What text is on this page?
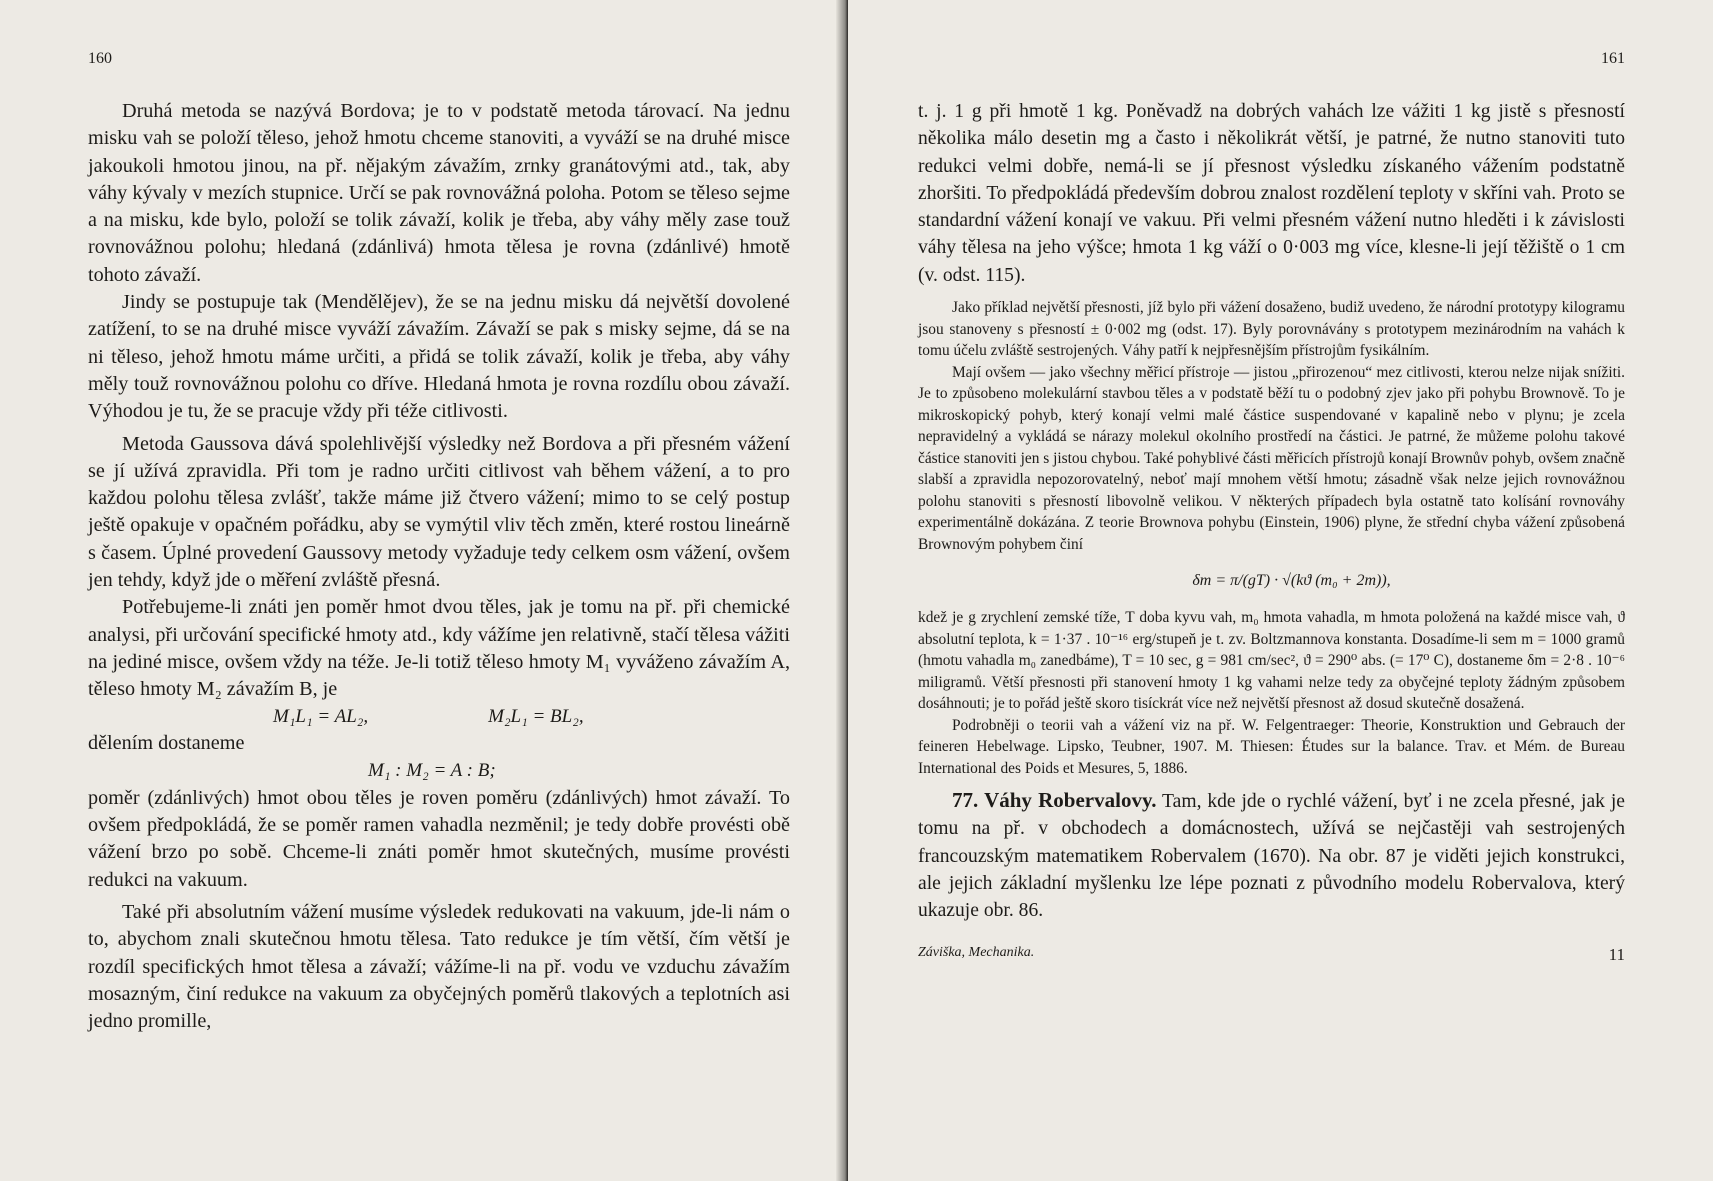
160

Druhá metoda se nazývá Bordova; je to v podstatě metoda tárovací. Na jednu misku vah se položí těleso, jehož hmotu chceme stanoviti, a vyváží se na druhé misce jakoukoli hmotou jinou, na př. nějakým závažím, zrnky granátovými atd., tak, aby váhy kývaly v mezích stupnice. Určí se pak rovnovážná poloha. Potom se těleso sejme a na misku, kde bylo, položí se tolik závaží, kolik je třeba, aby váhy měly zase touž rovnovážnou polohu; hledaná (zdánlivá) hmota tělesa je rovna (zdánlivé) hmotě tohoto závaží.

Jindy se postupuje tak (Mendělějev), že se na jednu misku dá největší dovolené zatížení, to se na druhé misce vyváží závažím. Závaží se pak s misky sejme, dá se na ni těleso, jehož hmotu máme určiti, a přidá se tolik závaží, kolik je třeba, aby váhy měly touž rovnovážnou polohu co dříve. Hledaná hmota je rovna rozdílu obou závaží. Výhodou je tu, že se pracuje vždy při téže citlivosti.

Metoda Gaussova dává spolehlivější výsledky než Bordova a při přesném vážení se jí užívá zpravidla. Při tom je radno určiti citlivost vah během vážení, a to pro každou polohu tělesa zvlášť, takže máme již čtvero vážení; mimo to se celý postup ještě opakuje v opačném pořádku, aby se vymýtil vliv těch změn, které rostou lineárně s časem. Úplné provedení Gaussovy metody vyžaduje tedy celkem osm vážení, ovšem jen tehdy, když jde o měření zvláště přesná.

Potřebujeme-li znáti jen poměr hmot dvou těles, jak je tomu na př. při chemické analysi, při určování specifické hmoty atd., kdy vážíme jen relativně, stačí tělesa vážiti na jediné misce, ovšem vždy na téže. Je-li totiž těleso hmoty M₁ vyváženo závažím A, těleso hmoty M₂ závažím B, je

M₁L₁ = AL₂,	M₂L₁ = BL₂,

dělením dostaneme

M₁ : M₂ = A : B;

poměr (zdánlivých) hmot obou těles je roven poměru (zdánlivých) hmot závaží. To ovšem předpokládá, že se poměr ramen vahadla nezměnil; je tedy dobře provésti obě vážení brzo po sobě. Chceme-li znáti poměr hmot skutečných, musíme provésti redukci na vakuum.

Také při absolutním vážení musíme výsledek redukovati na vakuum, jde-li nám o to, abychom znali skutečnou hmotu tělesa. Tato redukce je tím větší, čím větší je rozdíl specifických hmot tělesa a závaží; vážíme-li na př. vodu ve vzduchu závažím mosazným, činí redukce na vakuum za obyčejných poměrů tlakových a teplotních asi jedno promille,

161

t. j. 1 g při hmotě 1 kg. Poněvadž na dobrých vahách lze vážiti 1 kg jistě s přesností několika málo desetin mg a často i několikrát větší, je patrné, že nutno stanoviti tuto redukci velmi dobře, nemá-li se jí přesnost výsledku získaného vážením podstatně zhoršiti. To předpokládá především dobrou znalost rozdělení teploty v skříni vah. Proto se standardní vážení konají ve vakuu. Při velmi přesném vážení nutno hleděti i k závislosti váhy tělesa na jeho výšce; hmota 1 kg váží o 0·003 mg více, klesne-li její těžiště o 1 cm (v. odst. 115).

Jako příklad největší přesnosti, jíž bylo při vážení dosaženo, budiž uvedeno, že národní prototypy kilogramu jsou stanoveny s přesností ± 0·002 mg (odst. 17). Byly porovnávány s prototypem mezinárodním na vahách k tomu účelu zvláště sestrojených. Váhy patří k nejpřesnějším přístrojům fysikálním.

Mají ovšem — jako všechny měřicí přístroje — jistou „přirozenou“ mez citlivosti, kterou nelze nijak snížiti. Je to způsobeno molekulární stavbou těles a v podstatě běží tu o podobný zjev jako při pohybu Brownově. To je mikroskopický pohyb, který konají velmi malé částice suspendované v kapalině nebo v plynu; je zcela nepravidelný a vykládá se nárazy molekul okolního prostředí na částici. Je patrné, že můžeme polohu takové částice stanoviti jen s jistou chybou. Také pohyblivé části měřicích přístrojů konají Brownův pohyb, ovšem značně slabší a zpravidla nepozorovatelný, neboť mají mnohem větší hmotu; zásadně však nelze jejich rovnovážnou polohu stanoviti s přesností libovolně velikou. V některých případech byla ostatně tato kolísání rovnováhy experimentálně dokázána. Z teorie Brownova pohybu (Einstein, 1906) plyne, že střední chyba vážení způsobená Brownovým pohybem činí

δm = π/(gT) · √(kϑ (m₀ + 2m)),

kdež je g zrychlení zemské tíže, T doba kyvu vah, m₀ hmota vahadla, m hmota položená na každé misce vah, ϑ absolutní teplota, k = 1·37 . 10⁻¹⁶ erg/stupeň je t. zv. Boltzmannova konstanta. Dosadíme-li sem m = 1000 gramů (hmotu vahadla m₀ zanedbáme), T = 10 sec, g = 981 cm/sec², ϑ = 290⁰ abs. (= 17⁰ C), dostaneme δm = 2·8 . 10⁻⁶ miligramů. Větší přesnosti při stanovení hmoty 1 kg vahami nelze tedy za obyčejné teploty žádným způsobem dosáhnouti; je to pořád ještě skoro tisíckrát více než největší přesnost až dosud skutečně dosažená.

Podrobněji o teorii vah a vážení viz na př. W. Felgentraeger: Theorie, Konstruktion und Gebrauch der feineren Hebelwage. Lipsko, Teubner, 1907. M. Thiesen: Études sur la balance. Trav. et Mém. de Bureau International des Poids et Mesures, 5, 1886.

77. Váhy Robervalovy. Tam, kde jde o rychlé vážení, byť i ne zcela přesné, jak je tomu na př. v obchodech a domácnostech, užívá se nejčastěji vah sestrojených francouzským matematikem Robervalem (1670). Na obr. 87 je viděti jejich konstrukci, ale jejich základní myšlenku lze lépe poznati z původního modelu Robervalova, který ukazuje obr. 86.

Záviška, Mechanika.	11
